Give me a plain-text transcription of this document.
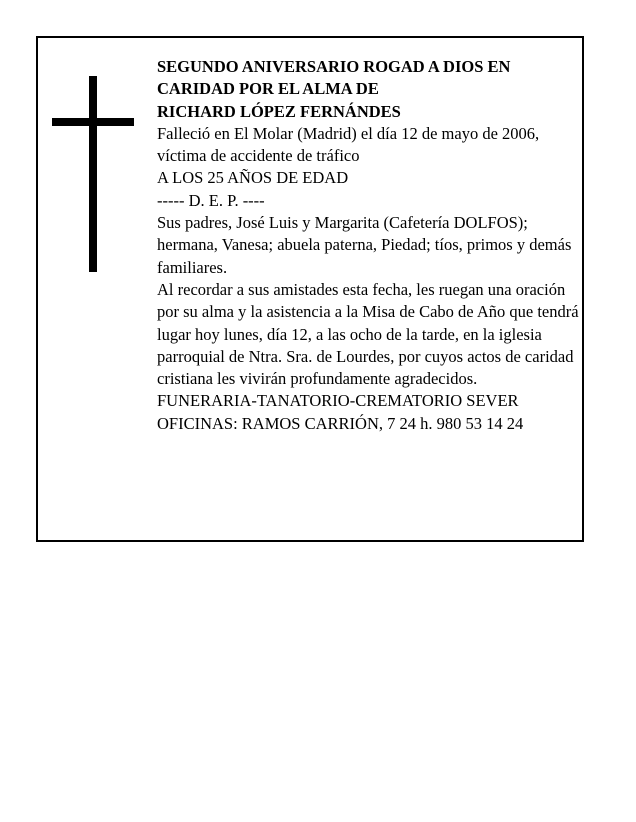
SEGUNDO ANIVERSARIO ROGAD A DIOS EN

CARIDAD POR EL ALMA DE

RICHARD LÓPEZ FERNÁNDES

Falleció en El Molar (Madrid) el día 12 de mayo de 2006, víctima de accidente de tráfico

A LOS 25 AÑOS DE EDAD

----- D. E. P. ----

Sus padres, José Luis y Margarita (Cafetería DOLFOS); hermana, Vanesa; abuela paterna, Piedad; tíos, primos y demás familiares.

Al recordar a sus amistades esta fecha, les ruegan una oración por su alma y la asistencia a la Misa de Cabo de Año que tendrá lugar hoy lunes, día 12, a las ocho de la tarde, en la iglesia parroquial de Ntra. Sra. de Lourdes, por cuyos actos de caridad cristiana les vivirán profundamente agradecidos.

FUNERARIA-TANATORIO-CREMATORIO SEVER

OFICINAS: RAMOS CARRIÓN, 7 24 h. 980 53 14 24
